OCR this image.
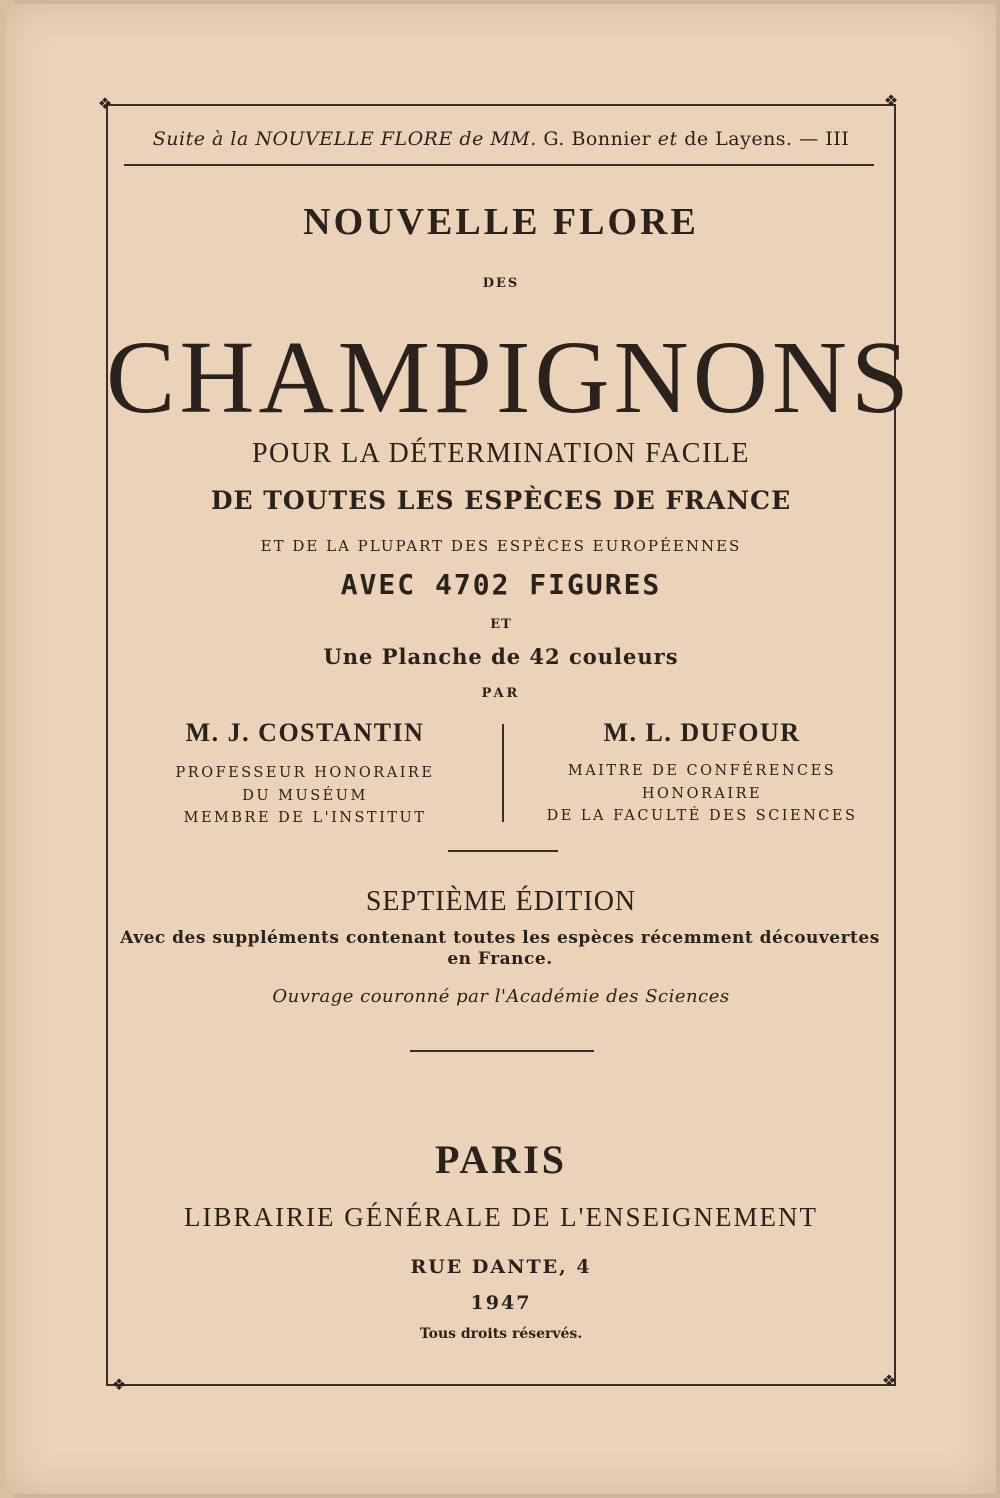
❖	❖
❖	❖
Suite à la NOUVELLE FLORE de MM. G. Bonnier et de Layens. — III
NOUVELLE FLORE
DES
CHAMPIGNONS
POUR LA DÉTERMINATION FACILE
DE TOUTES LES ESPÈCES DE FRANCE
ET DE LA PLUPART DES ESPÈCES EUROPÉENNES
AVEC 4702 FIGURES
ET
Une Planche de 42 couleurs
PAR
M. J. COSTANTIN
PROFESSEUR HONORAIRE
DU MUSÉUM
MEMBRE DE L'INSTITUT
M. L. DUFOUR
MAITRE DE CONFÉRENCES
HONORAIRE
DE LA FACULTÉ DES SCIENCES
SEPTIÈME ÉDITION
Avec des suppléments contenant toutes les espèces récemment découvertes en France.
Ouvrage couronné par l'Académie des Sciences
PARIS
LIBRAIRIE GÉNÉRALE DE L'ENSEIGNEMENT
RUE DANTE, 4
1947
Tous droits réservés.
